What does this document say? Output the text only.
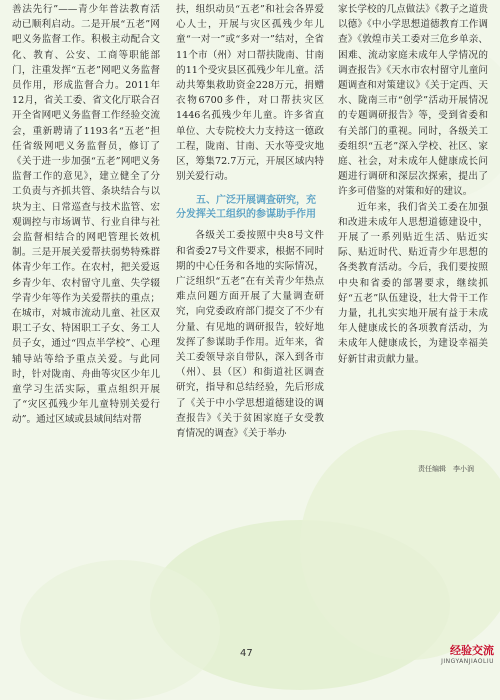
善法先行”——青少年普法教育活动已顺利启动。二是开展“五老”网吧义务监督工作。积极主动配合文化、教育、公安、工商等职能部门，注重发挥“五老”网吧义务监督员作用，形成监督合力。2011年12月，省关工委、省文化厅联合召开全省网吧义务监督工作经验交流会，重新聘请了1193名“五老”担任省级网吧义务监督员，修订了《关于进一步加强“五老”网吧义务监督工作的意见》，建立健全了分工负责与齐抓共管、条块结合与以块为主、日常巡查与技术监管、宏观调控与市场调节、行业自律与社会监督相结合的网吧管理长效机制。三是开展关爱帮扶弱势特殊群体青少年工作。在农村，把关爱返乡青少年、农村留守儿童、失学辍学青少年等作为关爱帮扶的重点；在城市，对城市流动儿童、社区双职工子女、特困职工子女、务工人员子女，通过“四点半学校”、心理辅导站等给予重点关爱。与此同时，针对陇南、舟曲等灾区少年儿童学习生活实际，重点组织开展了“灾区孤残少年儿童特别关爱行动”。通过区域或县域间结对帮

扶，组织动员“五老”和社会各界爱心人士，开展与灾区孤残少年儿童“一对一”或“多对一”结对，全省11个市（州）对口帮扶陇南、甘南的11个受灾县区孤残少年儿童。活动共筹集救助资金228万元，捐赠衣物6700多件，对口帮扶灾区1446名孤残少年儿童。许多省直单位、大专院校大力支持这一德政工程，陇南、甘南、天水等受灾地区，筹集72.7万元，开展区域内特别关爱行动。

五、广泛开展调查研究，充分发挥关工组织的参谋助手作用

各级关工委按照中央8号文件和省委27号文件要求，根据不同时期的中心任务和各地的实际情况，广泛组织“五老”在有关青少年热点难点问题方面开展了大量调查研究，向党委政府部门提交了不少有分量、有见地的调研报告，较好地发挥了参谋助手作用。近年来，省关工委领导亲自带队，深入到各市（州）、县（区）和街道社区调查研究，指导和总结经验，先后形成了《关于中小学思想道德建设的调查报告》《关于贫困家庭子女受教育情况的调查》《关于举办

家长学校的几点做法》《教子之道贵以德》《中小学思想道德教育工作调查》《敦煌市关工委对三危乡单亲、困难、流动家庭未成年人学情况的调查报告》《天水市农村留守儿童问题调查和对策建议》《关于定西、天水、陇南三市“创学”活动开展情况的专题调研报告》等，受到省委和有关部门的重视。同时，各级关工委组织“五老”深入学校、社区、家庭、社会，对未成年人健康成长问题进行调研和深层次探索，提出了许多可借鉴的对策和好的建议。

近年来，我们省关工委在加强和改进未成年人思想道德建设中，开展了一系列贴近生活、贴近实际、贴近时代、贴近青少年思想的各类教育活动。今后，我们要按照中央和省委的部署要求，继续抓好“五老”队伍建设，壮大骨干工作力量，扎扎实实地开展有益于未成年人健康成长的各项教育活动，为未成年人健康成长，为建设幸福美好新甘肃贡献力量。

责任编辑　李小润
47	经验交流
JINGYANJIAOLIU
